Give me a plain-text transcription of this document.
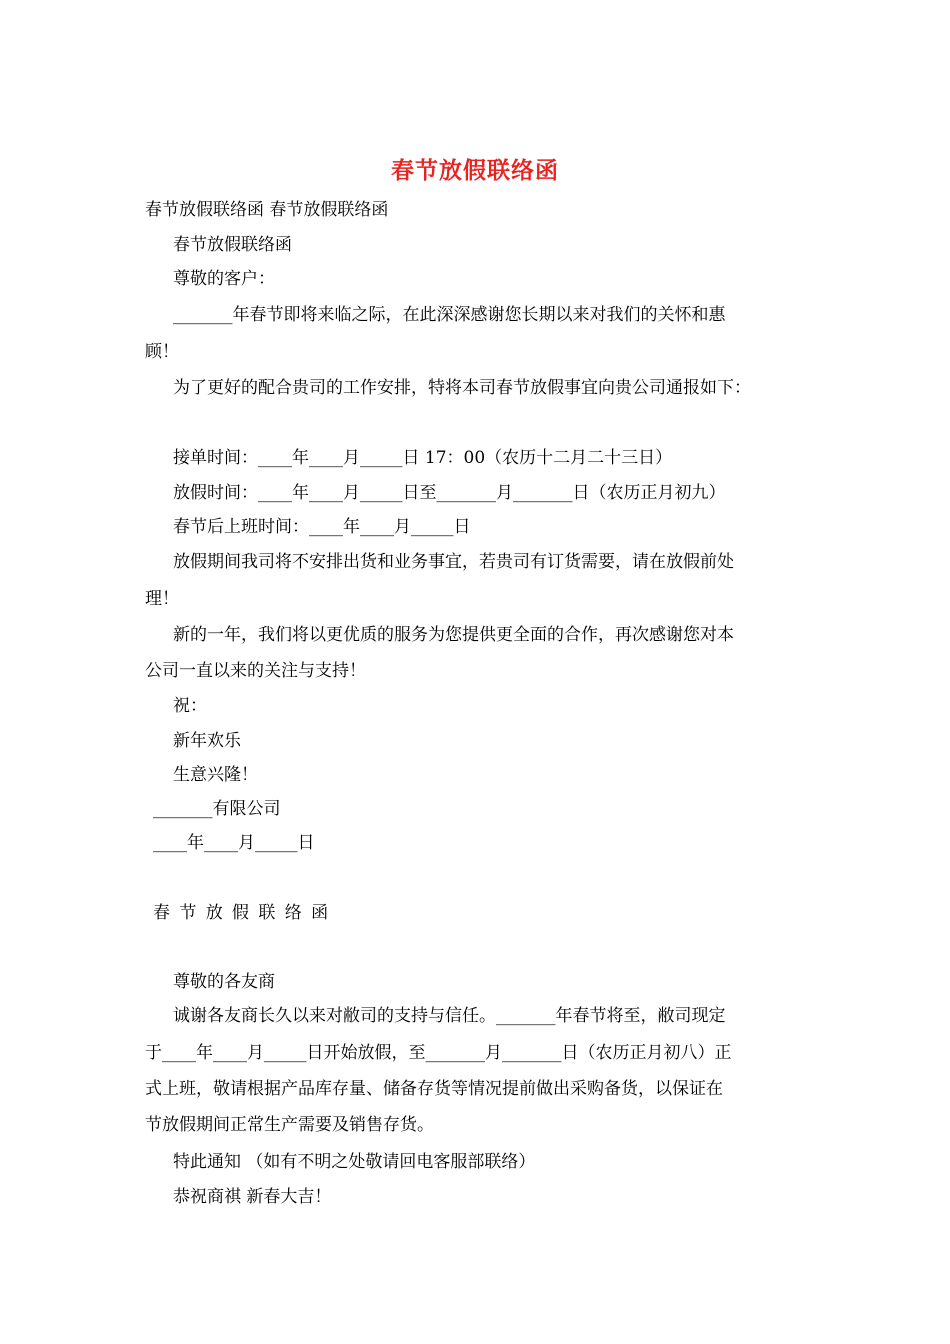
春节放假联络函
春节放假联络函 春节放假联络函
春节放假联络函
尊敬的客户：
_______年春节即将来临之际，在此深深感谢您长期以来对我们的关怀和惠
顾！
为了更好的配合贵司的工作安排，特将本司春节放假事宜向贵公司通报如下：
接单时间：____年____月_____日 17：00（农历十二月二十三日）
放假时间：____年____月_____日至_______月_______日（农历正月初九）
春节后上班时间：____年____月_____日
放假期间我司将不安排出货和业务事宜，若贵司有订货需要，请在放假前处
理！
新的一年，我们将以更优质的服务为您提供更全面的合作，再次感谢您对本
公司一直以来的关注与支持！
祝：
新年欢乐
生意兴隆！
_______有限公司
____年____月_____日
春节放假联络函
尊敬的各友商
诚谢各友商长久以来对敝司的支持与信任。_______年春节将至，敝司现定
于____年____月_____日开始放假，至_______月_______日（农历正月初八）正
式上班，敬请根据产品库存量、储备存货等情况提前做出采购备货，以保证在
节放假期间正常生产需要及销售存货。
特此通知 （如有不明之处敬请回电客服部联络）
恭祝商祺 新春大吉！
